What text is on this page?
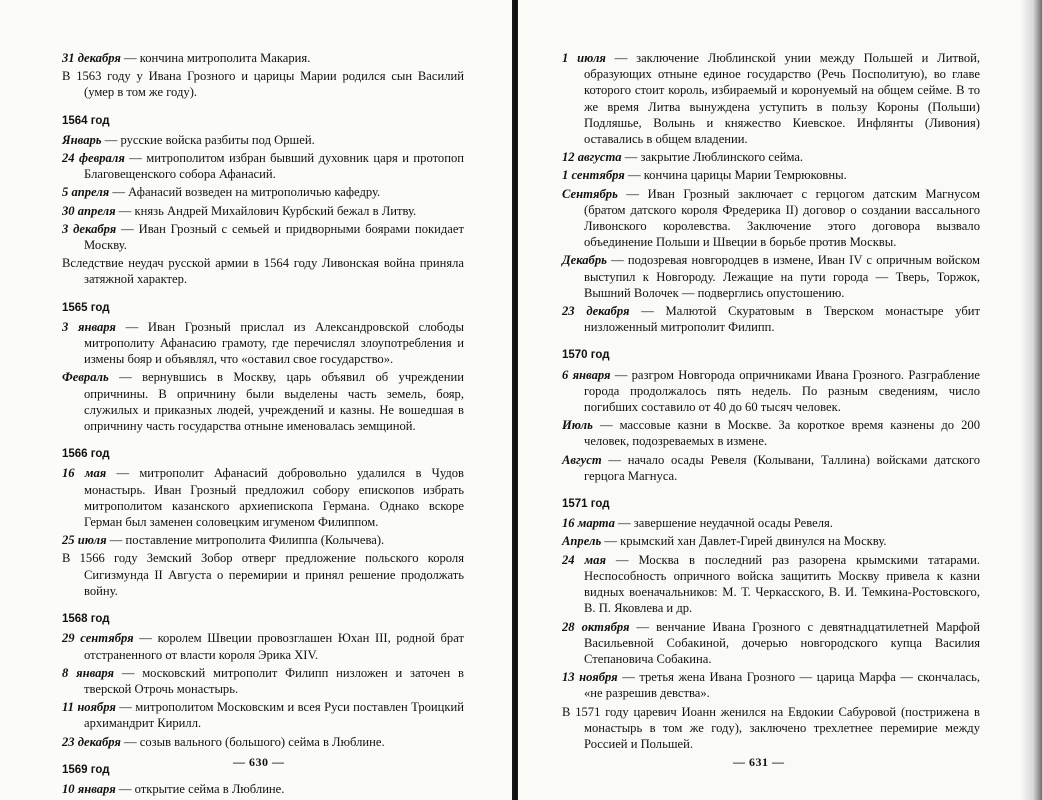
31 декабря — кончина митрополита Макария.
В 1563 году у Ивана Грозного и царицы Марии родился сын Василий (умер в том же году).
1564 год
Январь — русские войска разбиты под Оршей.
24 февраля — митрополитом избран бывший духовник царя и протопоп Благовещенского собора Афанасий.
5 апреля — Афанасий возведен на митрополичью кафедру.
30 апреля — князь Андрей Михайлович Курбский бежал в Литву.
3 декабря — Иван Грозный с семьей и придворными боярами покидает Москву.
Вследствие неудач русской армии в 1564 году Ливонская война приняла затяжной характер.
1565 год
3 января — Иван Грозный прислал из Александровской слободы митрополиту Афанасию грамоту, где перечислял злоупотребления и измены бояр и объявлял, что «оставил свое государство».
Февраль — вернувшись в Москву, царь объявил об учреждении опричнины. В опричнину были выделены часть земель, бояр, служилых и приказных людей, учреждений и казны. Не вошедшая в опричнину часть государства отныне именовалась земщиной.
1566 год
16 мая — митрополит Афанасий добровольно удалился в Чудов монастырь. Иван Грозный предложил собору епископов избрать митрополитом казанского архиепископа Германа. Однако вскоре Герман был заменен соловецким игуменом Филиппом.
25 июля — поставление митрополита Филиппа (Колычева).
В 1566 году Земский Зобор отверг предложение польского короля Сигизмунда II Августа о перемирии и принял решение продолжать войну.
1568 год
29 сентября — королем Швеции провозглашен Юхан III, родной брат отстраненного от власти короля Эрика XIV.
8 января — московский митрополит Филипп низложен и заточен в тверской Отрочь монастырь.
11 ноября — митрополитом Московским и всея Руси поставлен Троицкий архимандрит Кирилл.
23 декабря — созыв вального (большого) сейма в Люблине.
1569 год
10 января — открытие сейма в Люблине.
— 630 —
1 июля — заключение Люблинской унии между Польшей и Литвой, образующих отныне единое государство (Речь Посполитую), во главе которого стоит король, избираемый и коронуемый на общем сейме. В то же время Литва вынуждена уступить в пользу Короны (Польши) Подляшье, Волынь и княжество Киевское. Инфлянты (Ливония) оставались в общем владении.
12 августа — закрытие Люблинского сейма.
1 сентября — кончина царицы Марии Темрюковны.
Сентябрь — Иван Грозный заключает с герцогом датским Магнусом (братом датского короля Фредерика II) договор о создании вассального Ливонского королевства. Заключение этого договора вызвало объединение Польши и Швеции в борьбе против Москвы.
Декабрь — подозревая новгородцев в измене, Иван IV с опричным войском выступил к Новгороду. Лежащие на пути города — Тверь, Торжок, Вышний Волочек — подверглись опустошению.
23 декабря — Малютой Скуратовым в Тверском монастыре убит низложенный митрополит Филипп.
1570 год
6 января — разгром Новгорода опричниками Ивана Грозного. Разграбление города продолжалось пять недель. По разным сведениям, число погибших составило от 40 до 60 тысяч человек.
Июль — массовые казни в Москве. За короткое время казнены до 200 человек, подозреваемых в измене.
Август — начало осады Ревеля (Колывани, Таллина) войсками датского герцога Магнуса.
1571 год
16 марта — завершение неудачной осады Ревеля.
Апрель — крымский хан Давлет-Гирей двинулся на Москву.
24 мая — Москва в последний раз разорена крымскими татарами. Неспособность опричного войска защитить Москву привела к казни видных военачальников: М. Т. Черкасского, В. И. Темкина-Ростовского, В. П. Яковлева и др.
28 октября — венчание Ивана Грозного с девятнадцатилетней Марфой Васильевной Собакиной, дочерью новгородского купца Василия Степановича Собакина.
13 ноября — третья жена Ивана Грозного — царица Марфа — скончалась, «не разрешив девства».
В 1571 году царевич Иоанн женился на Евдокии Сабуровой (пострижена в монастырь в том же году), заключено трехлетнее перемирие между Россией и Польшей.
— 631 —
